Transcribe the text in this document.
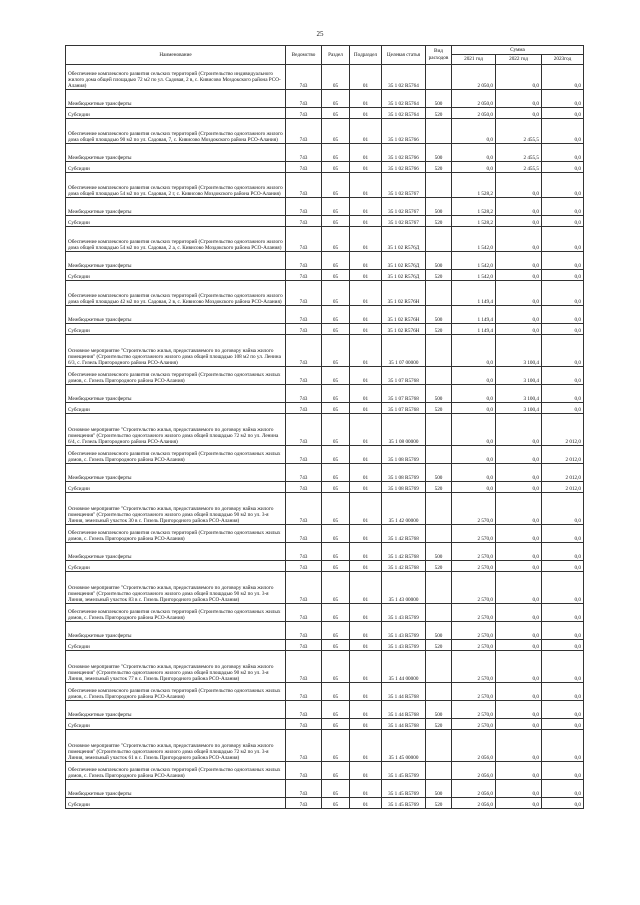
25
Наименование	Ведомство	Раздел	Подраздел	Целевая статья	Вид расходов	Сумма		
						2021 год	2022 год	2023год
Обеспечение комплексного развития сельских территорий (Строительство индивидуального жилого дома общей площадью 72 м2 по ул. Садовая, 2 в, с. Кивисово Моздокского района РСО-Алания)	743	05	01	35 1 02 R5764		2 050,0	0,0	0,0
Межбюджетные трансферты	743	05	01	35 1 02 R5764	500	2 050,0	0,0	0,0
Субсидии	743	05	01	35 1 02 R5764	520	2 050,0	0,0	0,0
Обеспечение комплексного развития сельских территорий (Строительство одноэтажного жилого дома общей площадью 90 м2 по ул. Садовая, 7, с. Кивисово Моздокского района РСО-Алания)	743	05	01	35 1 02 R5766		0,0	2 455,5	0,0
Межбюджетные трансферты	743	05	01	35 1 02 R5766	500	0,0	2 455,5	0,0
Субсидии	743	05	01	35 1 02 R5766	520	0,0	2 455,5	0,0
Обеспечение комплексного развития сельских территорий (Строительство одноэтажного жилого дома общей площадью 54 м2 по ул. Садовая, 2 г, с. Кивисово Моздокского района РСО-Алания)	743	05	01	35 1 02 R5767		1 528,2	0,0	0,0
Межбюджетные трансферты	743	05	01	35 1 02 R5767	500	1 528,2	0,0	0,0
Субсидии	743	05	01	35 1 02 R5767	520	1 528,2	0,0	0,0
Обеспечение комплексного развития сельских территорий (Строительство одноэтажного жилого дома общей площадью 54 м2 по ул. Садовая, 2 а, с. Кивисово Моздокского района РСО-Алания)	743	05	01	35 1 02 R576Д		1 542,0	0,0	0,0
Межбюджетные трансферты	743	05	01	35 1 02 R576Д	500	1 542,0	0,0	0,0
Субсидии	743	05	01	35 1 02 R576Д	520	1 542,0	0,0	0,0
Обеспечение комплексного развития сельских территорий (Строительство одноэтажного жилого дома общей площадью 42 м2 по ул. Садовая, 2 в, с. Кивисово Моздокского района РСО-Алания)	743	05	01	35 1 02 R576Н		1 149,4	0,0	0,0
Межбюджетные трансферты	743	05	01	35 1 02 R576Н	500	1 149,4	0,0	0,0
Субсидии	743	05	01	35 1 02 R576Н	520	1 149,4	0,0	0,0
Основное мероприятие "Строительство жилья, предоставляемого по договору найма жилого помещения" (Строительство одноэтажного жилого дома общей площадью 108 м2 по ул. Ленина 6/3, с. Гизель Пригородного района РСО-Алания)	743	05	01	35 1 07 00000		0,0	3 100,4	0,0
Обеспечение комплексного развития сельских территорий (Строительство одноэтажных жилых домов, с. Гизель Пригородного района РСО-Алания)	743	05	01	35 1 07 R5768		0,0	3 100,4	0,0
Межбюджетные трансферты	743	05	01	35 1 07 R5768	500	0,0	3 100,4	0,0
Субсидии	743	05	01	35 1 07 R5768	520	0,0	3 100,4	0,0
Основное мероприятие "Строительство жилья, предоставляемого по договору найма жилого помещения" (Строительство одноэтажного жилого дома общей площадью 72 м2 по ул. Ленина 6/4, с. Гизель Пригородного района РСО-Алания)	743	05	01	35 1 08 00000		0,0	0,0	2 012,0
Обеспечение комплексного развития сельских территорий (Строительство одноэтажных жилых домов, с. Гизель Пригородного района РСО-Алания)	743	05	01	35 1 08 R5769		0,0	0,0	2 012,0
Межбюджетные трансферты	743	05	01	35 1 08 R5769	500	0,0	0,0	2 012,0
Субсидии	743	05	01	35 1 08 R5769	520	0,0	0,0	2 012,0
Основное мероприятие "Строительство жилья, предоставляемого по договору найма жилого помещения" (Строительство одноэтажного жилого дома общей площадью 90 м2 по ул. 3-я Линия, земельный участок 30 в с. Гизель Пригородного района РСО-Алания)	743	05	01	35 1 42 00000		2 570,0	0,0	0,0
Обеспечение комплексного развития сельских территорий (Строительство одноэтажных жилых домов, с. Гизель Пригородного района РСО-Алания)	743	05	01	35 1 42 R5768		2 570,0	0,0	0,0
Межбюджетные трансферты	743	05	01	35 1 42 R5768	500	2 570,0	0,0	0,0
Субсидии	743	05	01	35 1 42 R5768	520	2 570,0	0,0	0,0
Основное мероприятие "Строительство жилья, предоставляемого по договору найма жилого помещения" (Строительство одноэтажного жилого дома общей площадью 90 м2 по ул. 3-я Линия, земельный участок 83 в с. Гизель Пригородного района РСО-Алания)	743	05	01	35 1 43 00000		2 570,0	0,0	0,0
Обеспечение комплексного развития сельских территорий (Строительство одноэтажных жилых домов, с. Гизель Пригородного района РСО-Алания)	743	05	01	35 1 43 R5769		2 570,0	0,0	0,0
Межбюджетные трансферты	743	05	01	35 1 43 R5769	500	2 570,0	0,0	0,0
Субсидии	743	05	01	35 1 43 R5769	520	2 570,0	0,0	0,0
Основное мероприятие "Строительство жилья, предоставляемого по договору найма жилого помещения" (Строительство одноэтажного жилого дома общей площадью 90 м2 по ул. 3-я Линия, земельный участок 77 в с. Гизель Пригородного района РСО-Алания)	743	05	01	35 1 44 00000		2 570,0	0,0	0,0
Обеспечение комплексного развития сельских территорий (Строительство одноэтажных жилых домов, с. Гизель Пригородного района РСО-Алания)	743	05	01	35 1 44 R5768		2 570,0	0,0	0,0
Межбюджетные трансферты	743	05	01	35 1 44 R5768	500	2 570,0	0,0	0,0
Субсидии	743	05	01	35 1 44 R5768	520	2 570,0	0,0	0,0
Основное мероприятие "Строительство жилья, предоставляемого по договору найма жилого помещения" (Строительство одноэтажного жилого дома общей площадью 72 м2 по ул. 3-я Линия, земельный участок 61 в с. Гизель Пригородного района РСО-Алания)	743	05	01	35 1 45 00000		2 056,0	0,0	0,0
Обеспечение комплексного развития сельских территорий (Строительство одноэтажных жилых домов, с. Гизель Пригородного района РСО-Алания)	743	05	01	35 1 45 R5769		2 056,0	0,0	0,0
Межбюджетные трансферты	743	05	01	35 1 45 R5769	500	2 056,0	0,0	0,0
Субсидии	743	05	01	35 1 45 R5769	520	2 056,0	0,0	0,0
